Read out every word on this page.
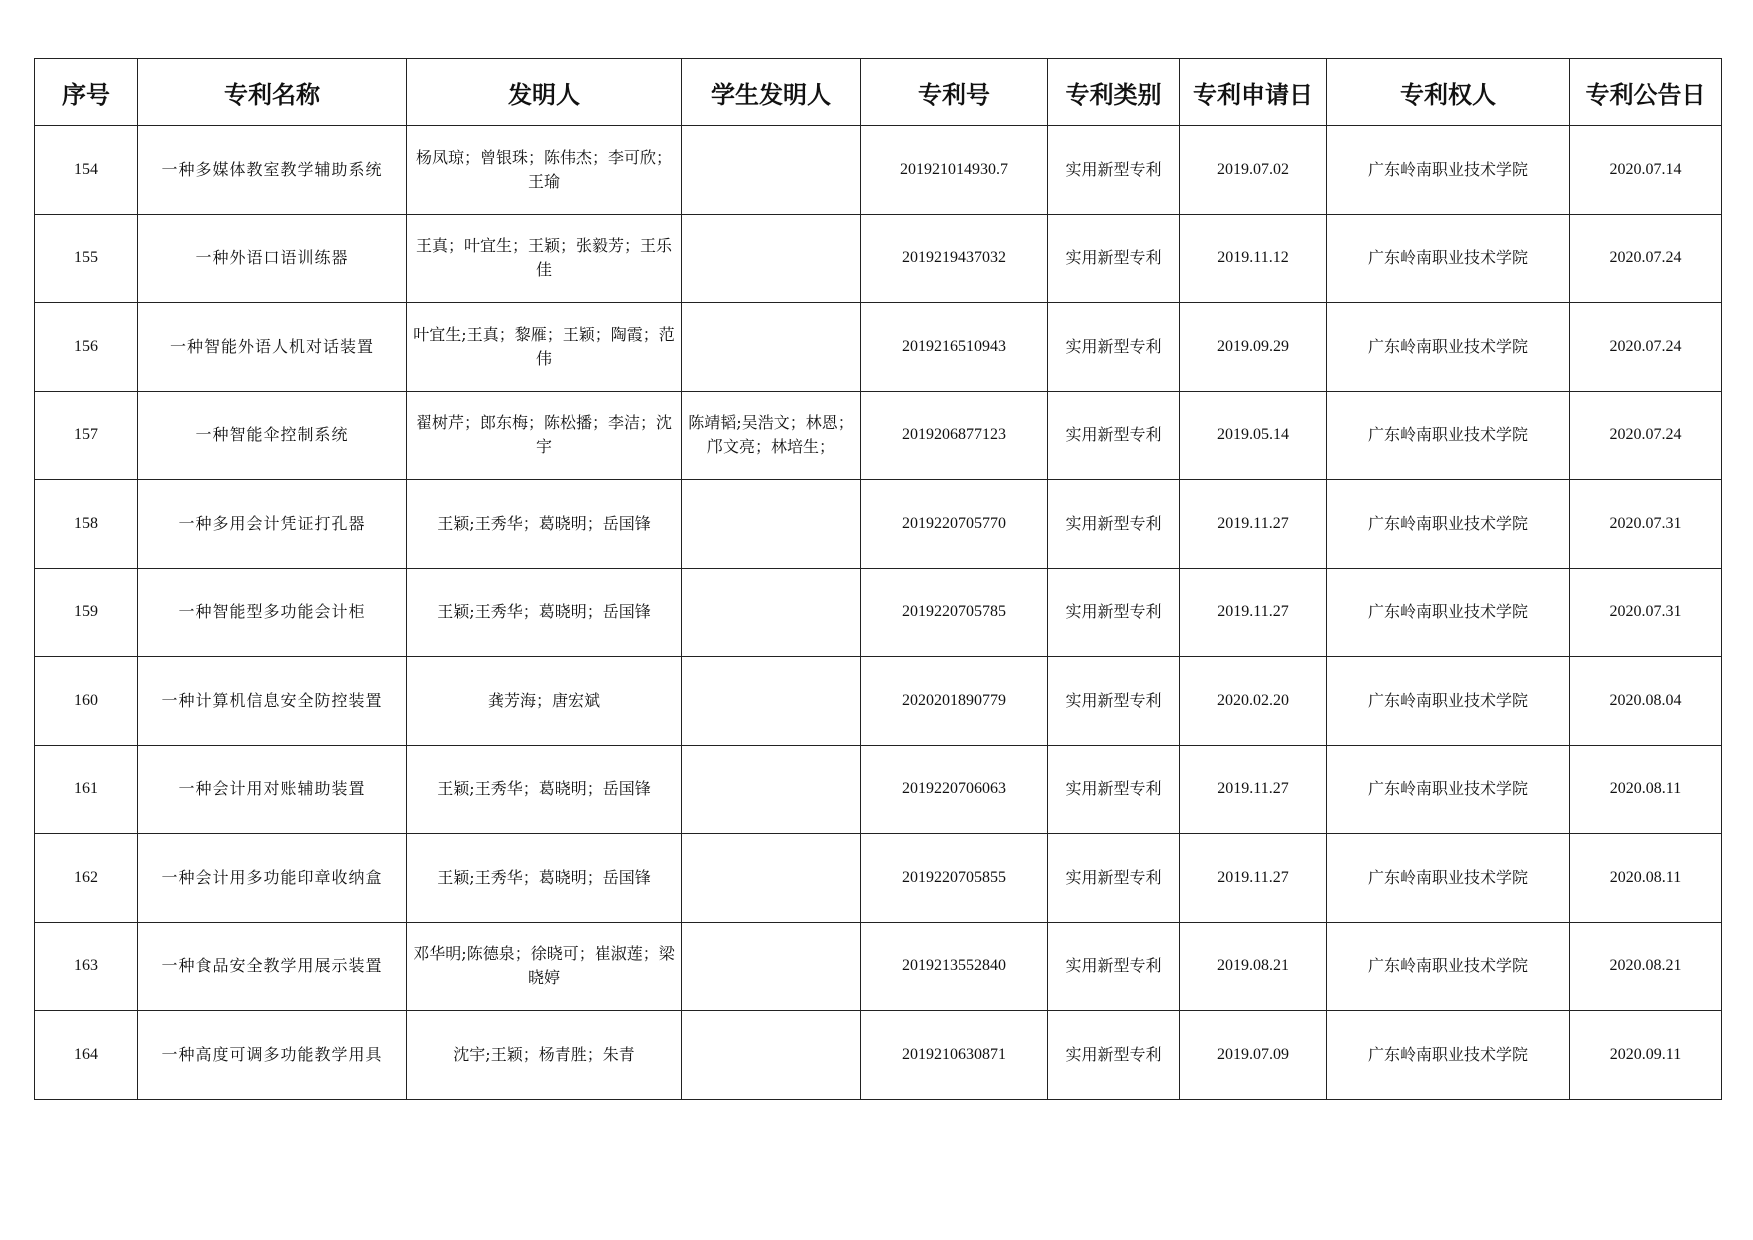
序号	专利名称	发明人	学生发明人	专利号	专利类别	专利申请日	专利权人	专利公告日
154	一种多媒体教室教学辅助系统	杨凤琼；曾银珠；陈伟杰；李可欣；王瑜		201921014930.7	实用新型专利	2019.07.02	广东岭南职业技术学院	2020.07.14
155	一种外语口语训练器	王真；叶宜生；王颖；张毅芳；王乐佳		2019219437032	实用新型专利	2019.11.12	广东岭南职业技术学院	2020.07.24
156	一种智能外语人机对话装置	叶宜生;王真；黎雁；王颖；陶霞；范伟		2019216510943	实用新型专利	2019.09.29	广东岭南职业技术学院	2020.07.24
157	一种智能伞控制系统	翟树芹；郎东梅；陈松播；李洁；沈宇	陈靖韬;吴浩文；林恩；邝文亮；林培生；	2019206877123	实用新型专利	2019.05.14	广东岭南职业技术学院	2020.07.24
158	一种多用会计凭证打孔器	王颖;王秀华；葛晓明；岳国锋		2019220705770	实用新型专利	2019.11.27	广东岭南职业技术学院	2020.07.31
159	一种智能型多功能会计柜	王颖;王秀华；葛晓明；岳国锋		2019220705785	实用新型专利	2019.11.27	广东岭南职业技术学院	2020.07.31
160	一种计算机信息安全防控装置	龚芳海；唐宏斌		2020201890779	实用新型专利	2020.02.20	广东岭南职业技术学院	2020.08.04
161	一种会计用对账辅助装置	王颖;王秀华；葛晓明；岳国锋		2019220706063	实用新型专利	2019.11.27	广东岭南职业技术学院	2020.08.11
162	一种会计用多功能印章收纳盒	王颖;王秀华；葛晓明；岳国锋		2019220705855	实用新型专利	2019.11.27	广东岭南职业技术学院	2020.08.11
163	一种食品安全教学用展示装置	邓华明;陈德泉；徐晓可；崔淑莲；梁晓婷		2019213552840	实用新型专利	2019.08.21	广东岭南职业技术学院	2020.08.21
164	一种高度可调多功能教学用具	沈宇;王颖；杨青胜；朱青		2019210630871	实用新型专利	2019.07.09	广东岭南职业技术学院	2020.09.11
